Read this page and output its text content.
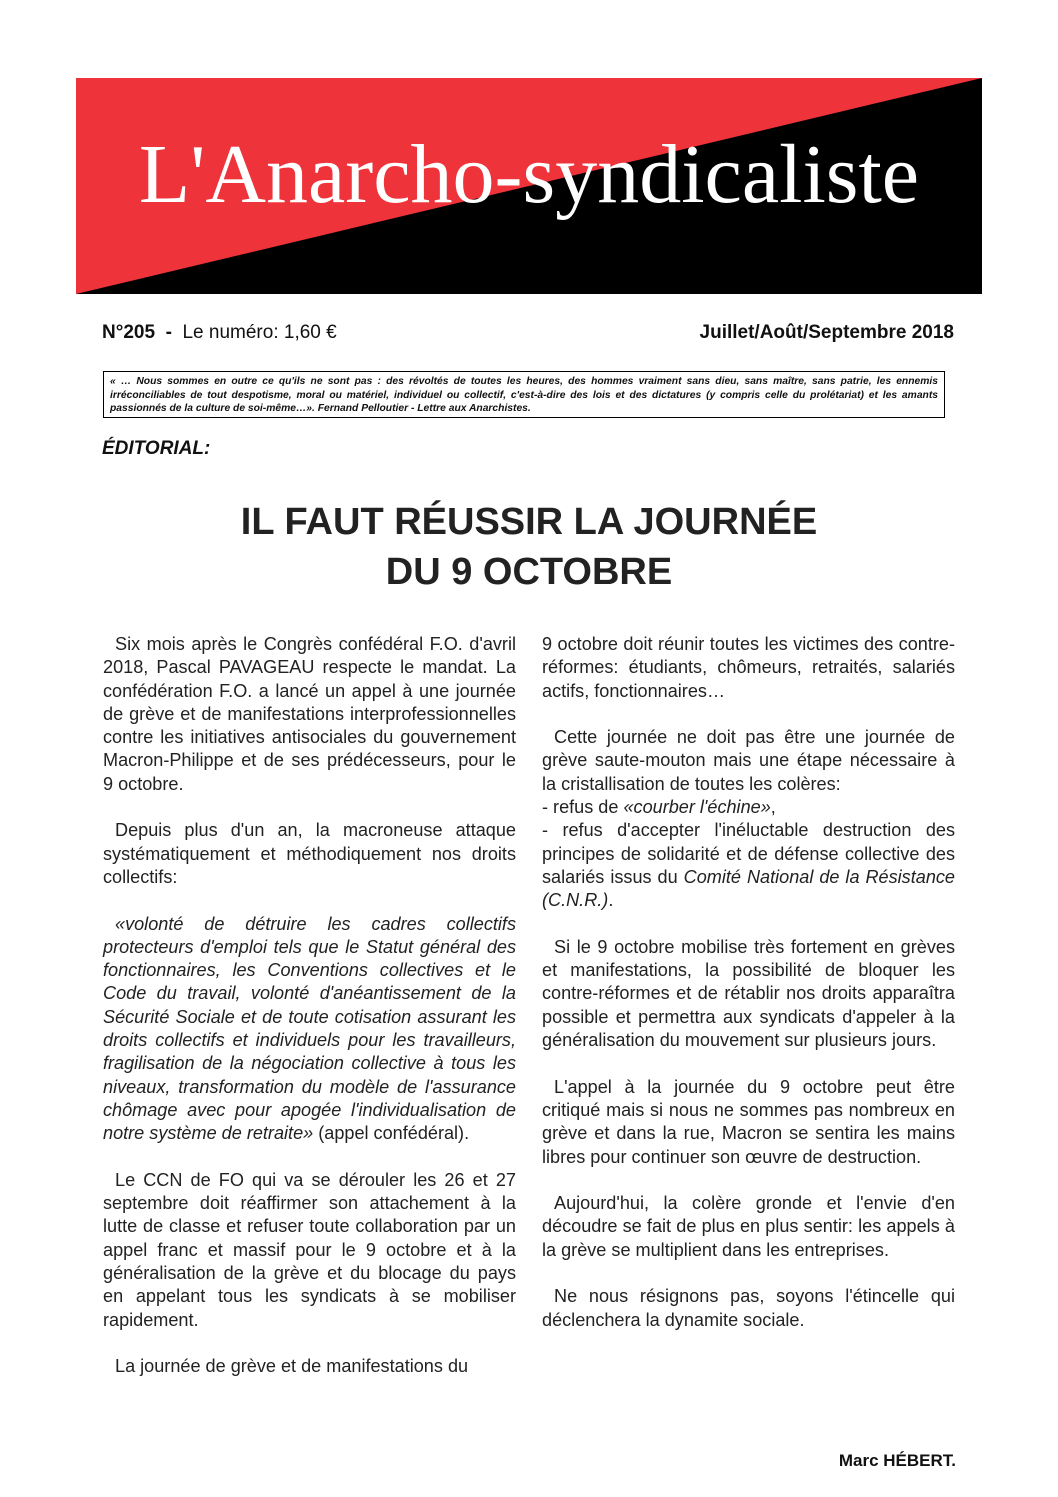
L'Anarcho-syndicaliste
N°205 - Le numéro: 1,60 €	Juillet/Août/Septembre 2018
« … Nous sommes en outre ce qu'ils ne sont pas : des révoltés de toutes les heures, des hommes vraiment sans dieu, sans maître, sans patrie, les ennemis irréconciliables de tout despotisme, moral ou matériel, individuel ou collectif, c'est-à-dire des lois et des dictatures (y compris celle du prolétariat) et les amants passionnés de la culture de soi-même…». Fernand Pelloutier - Lettre aux Anarchistes.
ÉDITORIAL:
IL FAUT RÉUSSIR LA JOURNÉE
DU 9 OCTOBRE

Six mois après le Congrès confédéral F.O. d'avril 2018, Pascal PAVAGEAU respecte le mandat. La confédération F.O. a lancé un appel à une journée de grève et de manifestations interprofessionnelles contre les initiatives antisociales du gouvernement Macron-Philippe et de ses prédécesseurs, pour le 9 octobre.

Depuis plus d'un an, la macroneuse attaque systématiquement et méthodiquement nos droits collectifs:

«volonté de détruire les cadres collectifs protecteurs d'emploi tels que le Statut général des fonctionnaires, les Conventions collectives et le Code du travail, volonté d'anéantissement de la Sécurité Sociale et de toute cotisation assurant les droits collectifs et individuels pour les travailleurs, fragilisation de la négociation collective à tous les niveaux, transformation du modèle de l'assurance chômage avec pour apogée l'individualisation de notre système de retraite» (appel confédéral).

Le CCN de FO qui va se dérouler les 26 et 27 septembre doit réaffirmer son attachement à la lutte de classe et refuser toute collaboration par un appel franc et massif pour le 9 octobre et à la généralisation de la grève et du blocage du pays en appelant tous les syndicats à se mobiliser rapidement.

La journée de grève et de manifestations du

9 octobre doit réunir toutes les victimes des contre-réformes: étudiants, chômeurs, retraités, salariés actifs, fonctionnaires…

Cette journée ne doit pas être une journée de grève saute-mouton mais une étape nécessaire à la cristallisation de toutes les colères:
- refus de «courber l'échine»,
- refus d'accepter l'inéluctable destruction des principes de solidarité et de défense collective des salariés issus du Comité National de la Résistance (C.N.R.).

Si le 9 octobre mobilise très fortement en grèves et manifestations, la possibilité de bloquer les contre-réformes et de rétablir nos droits apparaîtra possible et permettra aux syndicats d'appeler à la généralisation du mouvement sur plusieurs jours.

L'appel à la journée du 9 octobre peut être critiqué mais si nous ne sommes pas nombreux en grève et dans la rue, Macron se sentira les mains libres pour continuer son œuvre de destruction.

Aujourd'hui, la colère gronde et l'envie d'en découdre se fait de plus en plus sentir: les appels à la grève se multiplient dans les entreprises.

Ne nous résignons pas, soyons l'étincelle qui déclenchera la dynamite sociale.

Marc HÉBERT.
